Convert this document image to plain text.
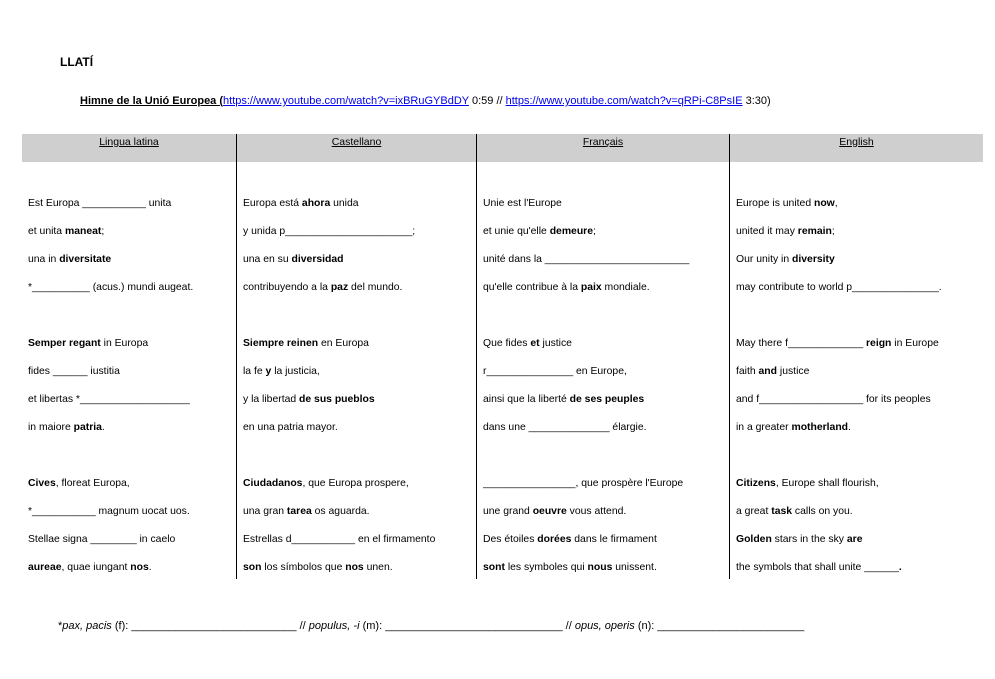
LLATÍ
Himne de la Unió Europea (https://www.youtube.com/watch?v=ixBRuGYBdDY 0:59 // https://www.youtube.com/watch?v=qRPi-C8PsIE 3:30)
Lingua latina
Est Europa ___________ unita
et unita maneat;
una in diversitate
*__________ (acus.) mundi augeat.
Semper regant in Europa
fides ______ iustitia
et libertas *___________________
in maiore patria.
Cives, floreat Europa,
*___________ magnum uocat uos.
Stellae signa ________ in caelo
aureae, quae iungant nos.
Castellano
Europa está ahora unida
y unida p______________________;
una en su diversidad
contribuyendo a la paz del mundo.
Siempre reinen en Europa
la fe y la justicia,
y la libertad de sus pueblos
en una patria mayor.
Ciudadanos, que Europa prospere,
una gran tarea os aguarda.
Estrellas d___________ en el firmamento
son los símbolos que nos unen.
Français
Unie est l'Europe
et unie qu'elle demeure;
unité dans la _________________________
qu'elle contribue à la paix mondiale.
Que fides et justice
r_______________ en Europe,
ainsi que la liberté de ses peuples
dans une ______________ élargie.
________________, que prospère l'Europe
une grand oeuvre vous attend.
Des étoiles dorées dans le firmament
sont les symboles qui nous unissent.
English
Europe is united now,
united it may remain;
Our unity in diversity
may contribute to world p_______________.
May there f_____________ reign in Europe
faith and justice
and f__________________ for its peoples
in a greater motherland.
Citizens, Europe shall flourish,
a great task calls on you.
Golden stars in the sky are
the symbols that shall unite ______.
*pax, pacis (f): ___________________________ // populus, -i (m): _____________________________ // opus, operis (n): ________________________
